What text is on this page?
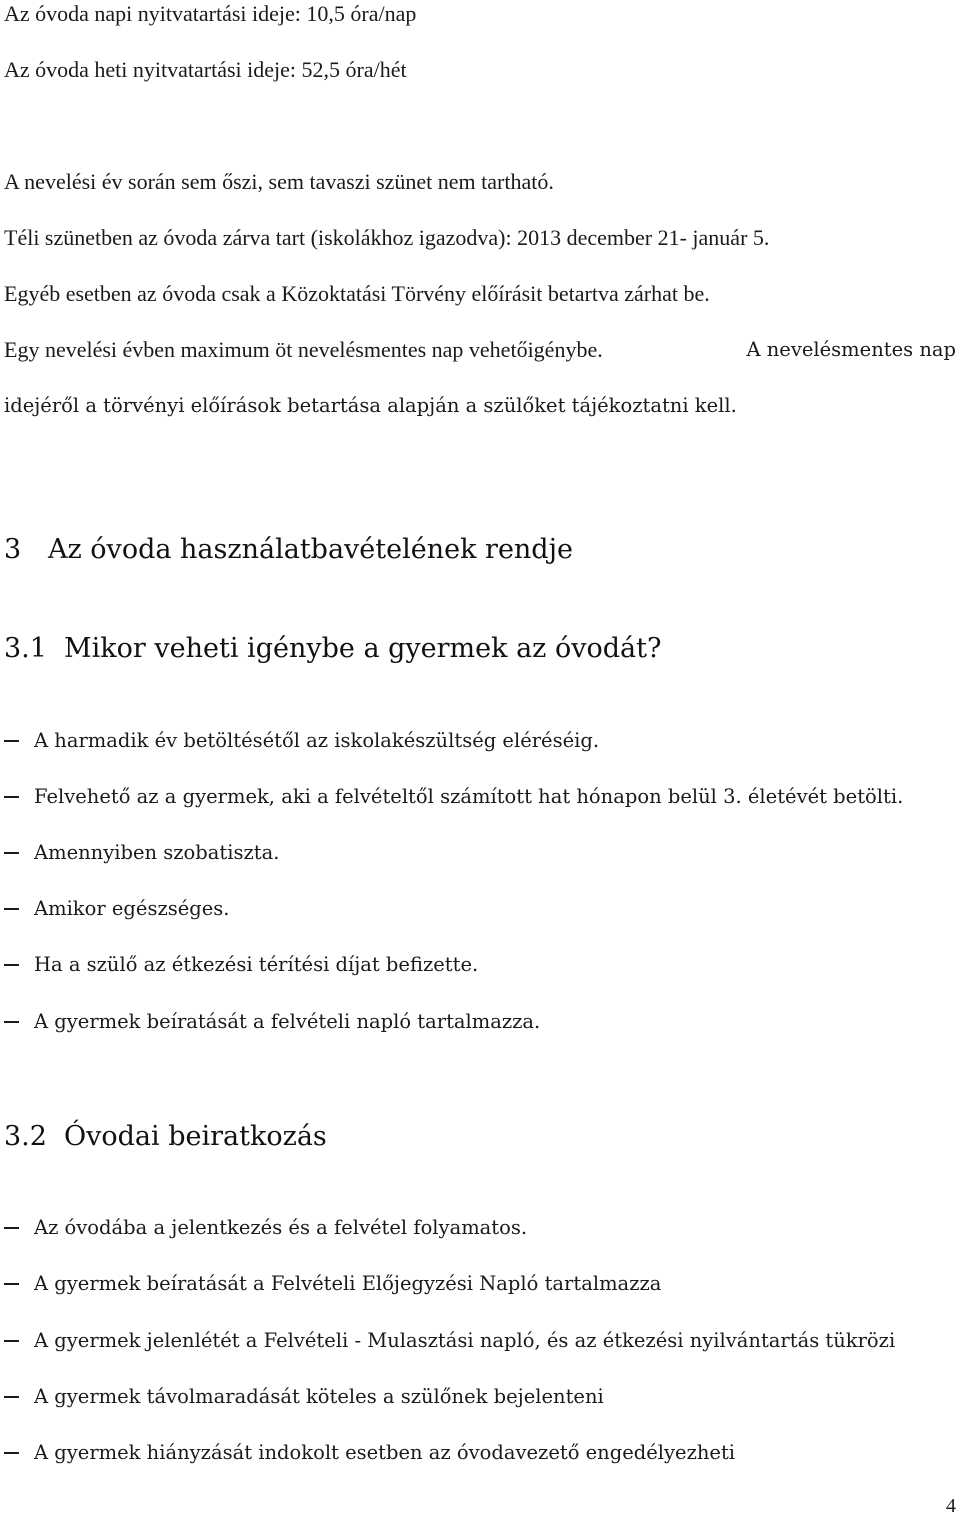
Az óvoda napi nyitvatartási ideje: 10,5 óra/nap
Az óvoda heti nyitvatartási ideje: 52,5 óra/hét
A nevelési év során sem őszi, sem tavaszi szünet nem tartható.
Téli szünetben az óvoda zárva tart (iskolákhoz igazodva): 2013 december 21- január 5.
Egyéb esetben az óvoda csak a Közoktatási Törvény előírásit betartva zárhat be.
Egy nevelési évben maximum öt nevelésmentes nap vehetőigénybe.	A nevelésmentes nap
idejéről a törvényi előírások betartása alapján a szülőket tájékoztatni kell.
3 Az óvoda használatbavételének rendje
3.1 Mikor veheti igénybe a gyermek az óvodát?
A harmadik év betöltésétől az iskolakészültség eléréséig.
Felvehető az a gyermek, aki a felvételtől számított hat hónapon belül 3. életévét betölti.
Amennyiben szobatiszta.
Amikor egészséges.
Ha a szülő az étkezési térítési díjat befizette.
A gyermek beíratását a felvételi napló tartalmazza.
3.2 Óvodai beiratkozás
Az óvodába a jelentkezés és a felvétel folyamatos.
A gyermek beíratását a Felvételi Előjegyzési Napló tartalmazza
A gyermek jelenlétét a Felvételi - Mulasztási napló, és az étkezési nyilvántartás tükrözi
A gyermek távolmaradását köteles a szülőnek bejelenteni
A gyermek hiányzását indokolt esetben az óvodavezető engedélyezheti
4
